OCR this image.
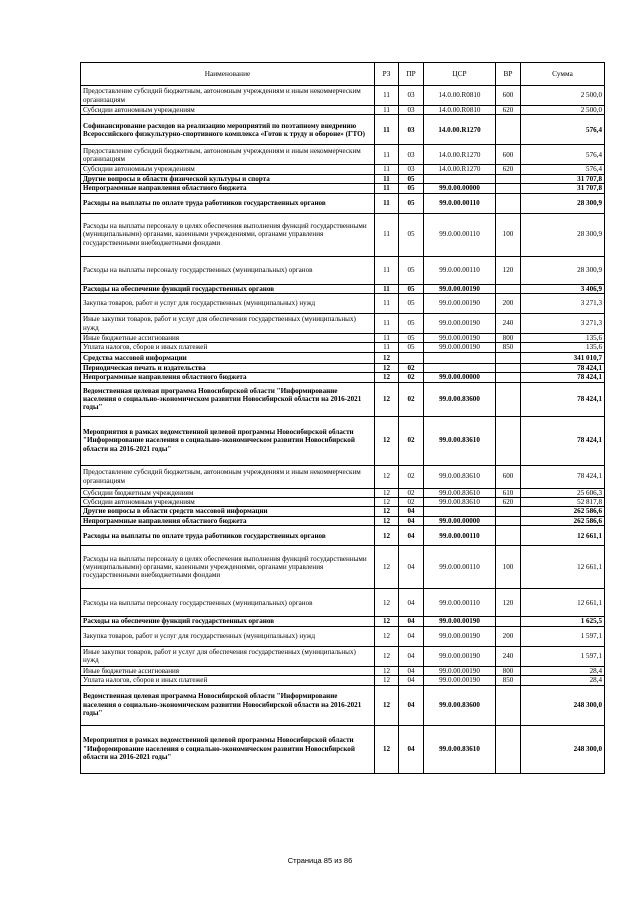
Наименование	РЗ	ПР	ЦСР	ВР	Сумма
Предоставление субсидий бюджетным, автономным учреждениям и иным некоммерческим организациям	11	03	14.0.00.R0810	600	2 500,0
Субсидии автономным учреждениям	11	03	14.0.00.R0810	620	2 500,0
Софинансирование расходов на реализацию мероприятий по поэтапному внедрению Всероссийского физкультурно-спортивного комплекса «Готов к труду и обороне» (ГТО)	11	03	14.0.00.R1270		576,4
Предоставление субсидий бюджетным, автономным учреждениям и иным некоммерческим организациям	11	03	14.0.00.R1270	600	576,4
Субсидии автономным учреждениям	11	03	14.0.00.R1270	620	576,4
Другие вопросы в области физической культуры и спорта	11	05			31 707,8
Непрограммные направления областного бюджета	11	05	99.0.00.00000		31 707,8
Расходы на выплаты по оплате труда работников государственных органов	11	05	99.0.00.00110		28 300,9
Расходы на выплаты персоналу в целях обеспечения выполнения функций государственными (муниципальными) органами, казенными учреждениями, органами управления государственными внебюджетными фондами	11	05	99.0.00.00110	100	28 300,9
Расходы на выплаты персоналу государственных (муниципальных) органов	11	05	99.0.00.00110	120	28 300,9
Расходы на обеспечение функций государственных органов	11	05	99.0.00.00190		3 406,9
Закупка товаров, работ и услуг для государственных (муниципальных) нужд	11	05	99.0.00.00190	200	3 271,3
Иные закупки товаров, работ и услуг для обеспечения государственных (муниципальных) нужд	11	05	99.0.00.00190	240	3 271,3
Иные бюджетные ассигнования	11	05	99.0.00.00190	800	135,6
Уплата налогов, сборов и иных платежей	11	05	99.0.00.00190	850	135,6
Средства массовой информации	12				341 010,7
Периодическая печать и издательства	12	02			78 424,1
Непрограммные направления областного бюджета	12	02	99.0.00.00000		78 424,1
Ведомственная целевая программа Новосибирской области "Информирование населения о социально-экономическом развитии Новосибирской области на 2016-2021 годы"	12	02	99.0.00.83600		78 424,1
Мероприятия в рамках ведомственной целевой программы Новосибирской области "Информирование населения о социально-экономическом развитии Новосибирской области на 2016-2021 годы"	12	02	99.0.00.83610		78 424,1
Предоставление субсидий бюджетным, автономным учреждениям и иным некоммерческим организациям	12	02	99.0.00.83610	600	78 424,1
Субсидии бюджетным учреждениям	12	02	99.0.00.83610	610	25 606,3
Субсидии автономным учреждениям	12	02	99.0.00.83610	620	52 817,8
Другие вопросы в области средств массовой информации	12	04			262 586,6
Непрограммные направления областного бюджета	12	04	99.0.00.00000		262 586,6
Расходы на выплаты по оплате труда работников государственных органов	12	04	99.0.00.00110		12 661,1
Расходы на выплаты персоналу в целях обеспечения выполнения функций государственными (муниципальными) органами, казенными учреждениями, органами управления государственными внебюджетными фондами	12	04	99.0.00.00110	100	12 661,1
Расходы на выплаты персоналу государственных (муниципальных) органов	12	04	99.0.00.00110	120	12 661,1
Расходы на обеспечение функций государственных органов	12	04	99.0.00.00190		1 625,5
Закупка товаров, работ и услуг для государственных (муниципальных) нужд	12	04	99.0.00.00190	200	1 597,1
Иные закупки товаров, работ и услуг для обеспечения государственных (муниципальных) нужд	12	04	99.0.00.00190	240	1 597,1
Иные бюджетные ассигнования	12	04	99.0.00.00190	800	28,4
Уплата налогов, сборов и иных платежей	12	04	99.0.00.00190	850	28,4
Ведомственная целевая программа Новосибирской области "Информирование населения о социально-экономическом развитии Новосибирской области на 2016-2021 годы"	12	04	99.0.00.83600		248 300,0
Мероприятия в рамках ведомственной целевой программы Новосибирской области "Информирование населения о социально-экономическом развитии Новосибирской области на 2016-2021 годы"	12	04	99.0.00.83610		248 300,0
Страница 85 из 86
